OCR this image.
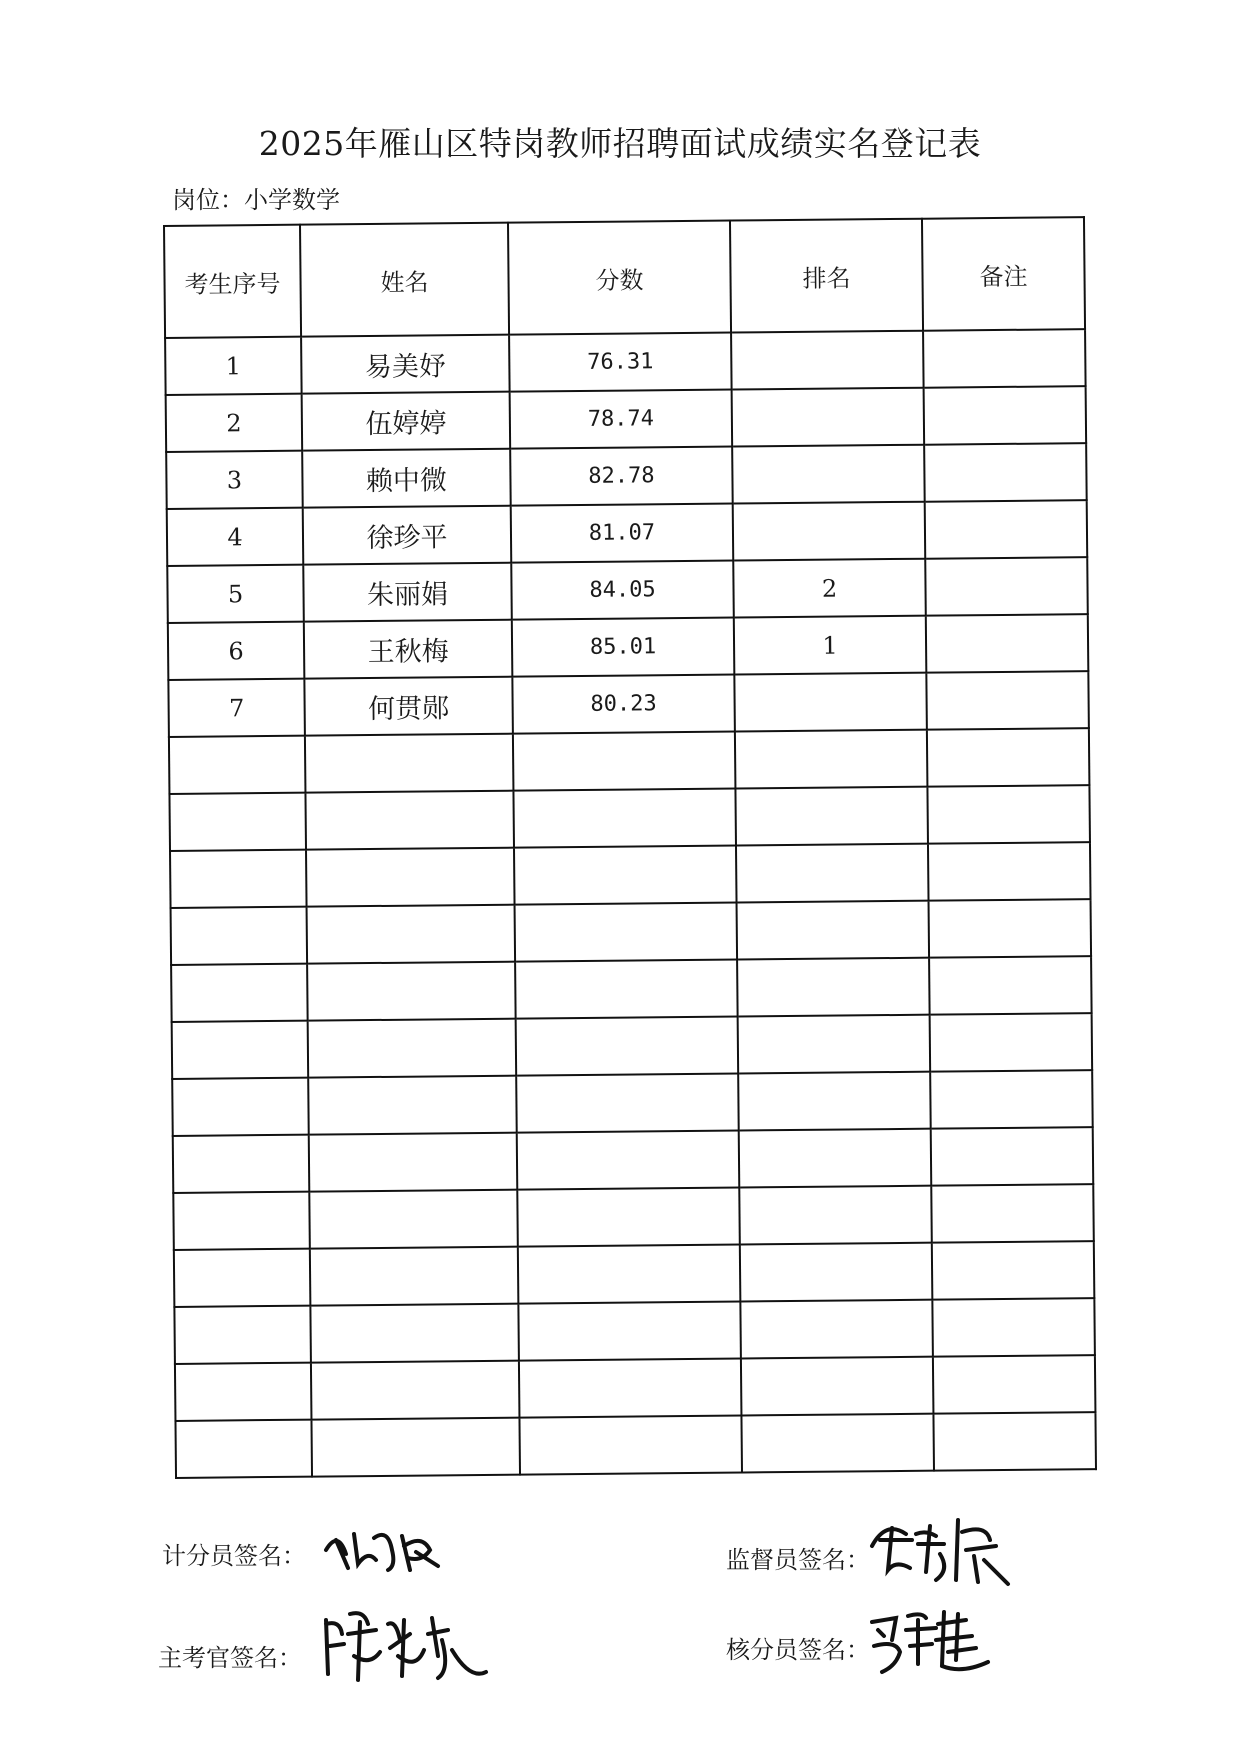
2025年雁山区特岗教师招聘面试成绩实名登记表
岗位：小学数学
考生序号	姓名	分数	排名	备注
1	易美妤	76.31		
2	伍婷婷	78.74		
3	赖中微	82.78		
4	徐珍平	81.07		
5	朱丽娟	84.05	2	
6	王秋梅	85.01	1	
7	何贯郧	80.23		

计分员签名：	监督员签名：
主考官签名：	核分员签名：
